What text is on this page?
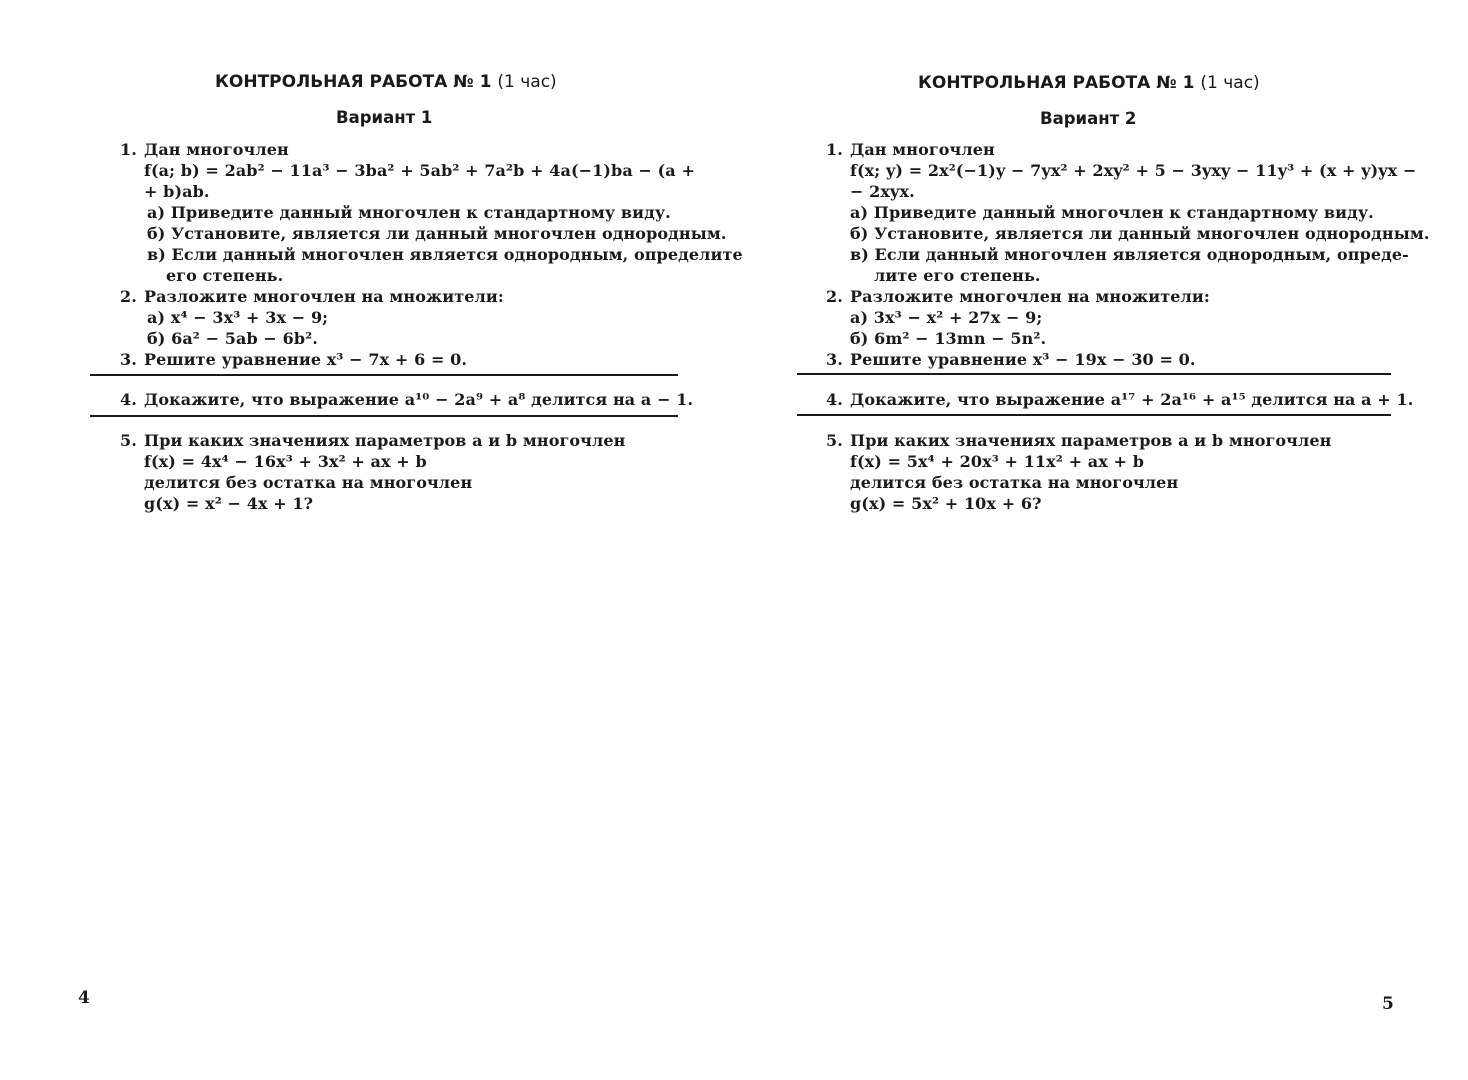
КОНТРОЛЬНАЯ РАБОТА № 1 (1 час)
Вариант 1
1. Дан многочлен
f(a; b) = 2ab² − 11a³ − 3ba² + 5ab² + 7a²b + 4a(−1)ba − (a +
+ b)ab.
а) Приведите данный многочлен к стандартному виду.
б) Установите, является ли данный многочлен однородным.
в) Если данный многочлен является однородным, определите
его степень.
2. Разложите многочлен на множители:
а) x⁴ − 3x³ + 3x − 9;
б) 6a² − 5ab − 6b².
3. Решите уравнение x³ − 7x + 6 = 0.
4. Докажите, что выражение a¹⁰ − 2a⁹ + a⁸ делится на a − 1.
5. При каких значениях параметров a и b многочлен
f(x) = 4x⁴ − 16x³ + 3x² + ax + b
делится без остатка на многочлен
g(x) = x² − 4x + 1?
4
КОНТРОЛЬНАЯ РАБОТА № 1 (1 час)
Вариант 2
1. Дан многочлен
f(x; y) = 2x²(−1)y − 7yx² + 2xy² + 5 − 3yxy − 11y³ + (x + y)yx −
− 2xyx.
а) Приведите данный многочлен к стандартному виду.
б) Установите, является ли данный многочлен однородным.
в) Если данный многочлен является однородным, опреде-
лите его степень.
2. Разложите многочлен на множители:
а) 3x³ − x² + 27x − 9;
б) 6m² − 13mn − 5n².
3. Решите уравнение x³ − 19x − 30 = 0.
4. Докажите, что выражение a¹⁷ + 2a¹⁶ + a¹⁵ делится на a + 1.
5. При каких значениях параметров a и b многочлен
f(x) = 5x⁴ + 20x³ + 11x² + ax + b
делится без остатка на многочлен
g(x) = 5x² + 10x + 6?
5
